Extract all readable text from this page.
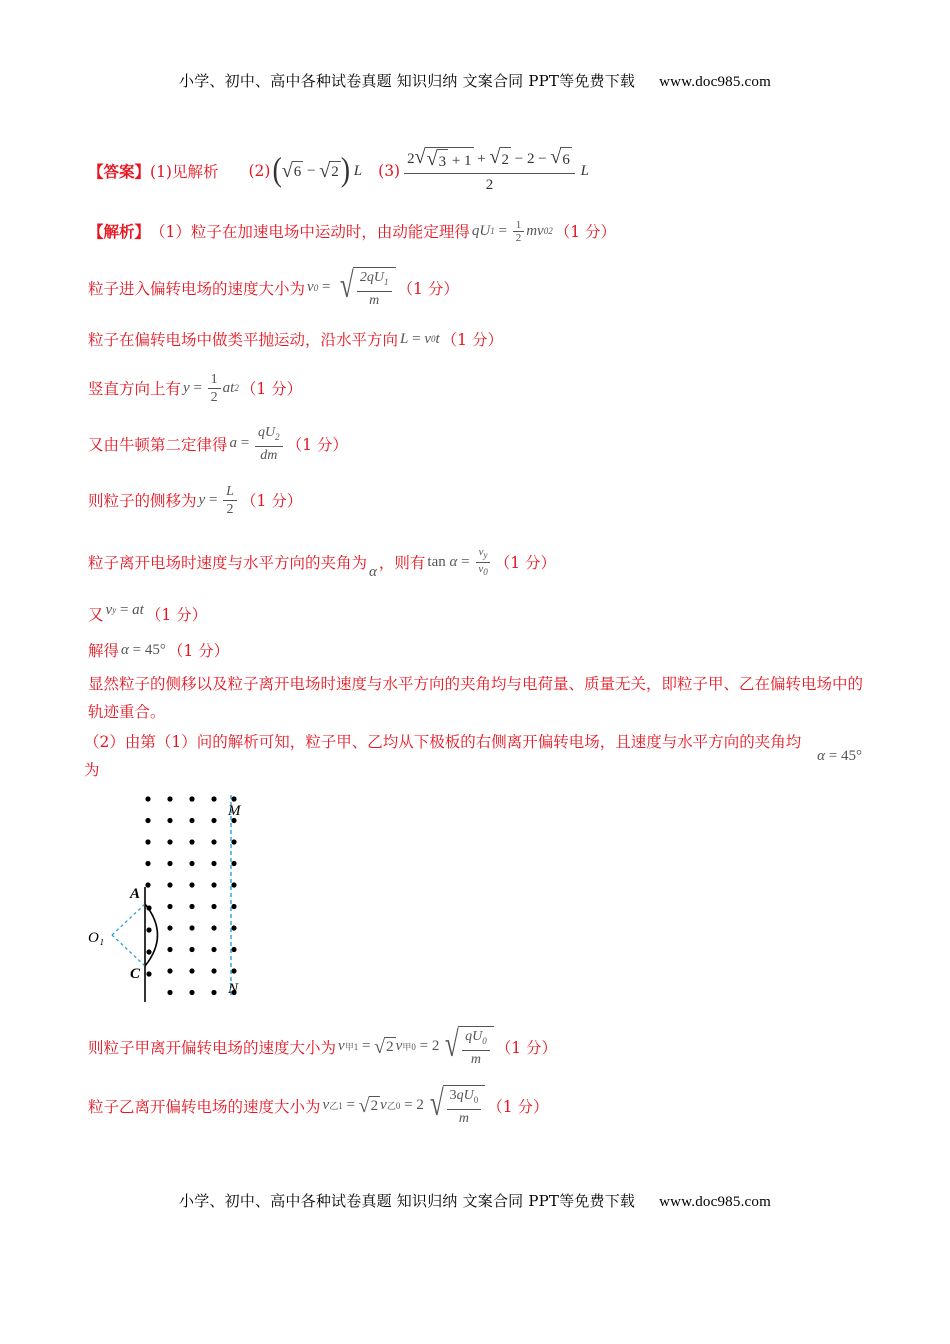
小学、初中、高中各种试卷真题 知识归纳 文案合同 PPT等免费下载 www.doc985.com
【答案】 (1)见解析 (2) ( √ 6 − √ 2 ) L $(3) \frac{2 √ √ 3 + 1 + √ 2 - 2 - √ 6}{2}$ L
【解析】 （1）粒子在加速电场中运动时，由动能定理得 qU 1
=
$\frac{1}{2}$ mv 0 2 （1 分）
粒子进入偏转电场的速度大小为 v 0
=
√ $\frac{2qU_1}{m} (1$ 分）
粒子在偏转电场中做类平抛运动，沿水平方向 L = v 0 t （1 分）
竖直方向上有 y =
$\frac{1}{2}$ at 2 （1 分）
又由牛顿第二定律得 a =
$\frac{qU_2}{dm} (1$ 分）
则粒子的侧移为 y =
$\frac{L}{2} (1$ 分）
粒子离开电场时速度与水平方向的夹角为 α ，则有 tan α =
$\frac{v_y}{v_0} (1$ 分）
又 v y
= at （1 分）
解得 α =
45° （1 分）
显然粒子的侧移以及粒子离开电场时速度与水平方向的夹角均与电荷量、质量无关，即粒子甲、乙在偏转电场中的轨迹重合。
（2）由第（1）问的解析可知，粒子甲、乙均从下极板的右侧离开偏转电场，且速度与水平方向的夹角均为
α =
45°
M
N
A
C
O₁
则粒子甲离开偏转电场的速度大小为 v 甲1
=
√ 2 v 甲0
=
2 √ $\frac{qU_0}{m} (1$ 分）
粒子乙离开偏转电场的速度大小为 v 乙1
=
√ 2 v 乙0
=
2 √ $\frac{3qU_0}{m} (1$ 分）
小学、初中、高中各种试卷真题 知识归纳 文案合同 PPT等免费下载 www.doc985.com
